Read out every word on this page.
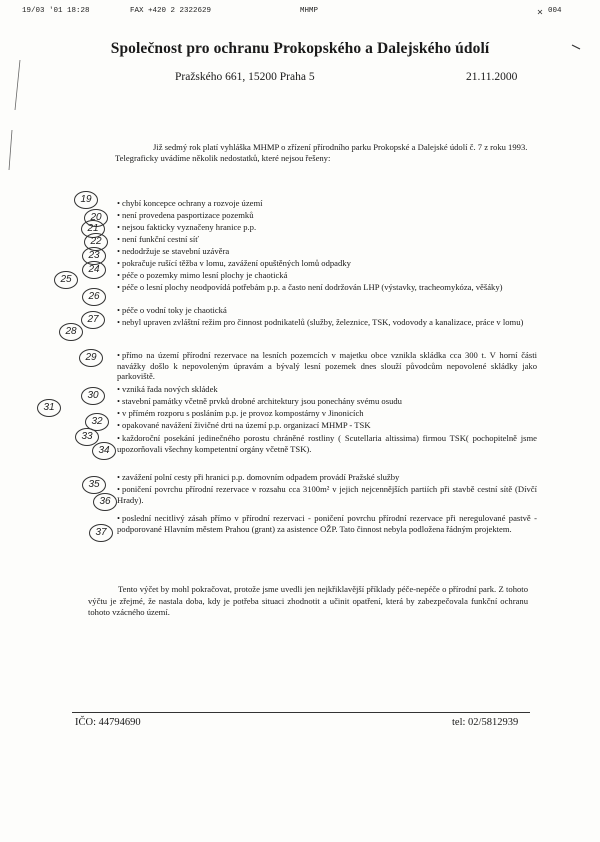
19/03 '01 18:28	FAX +420 2 2322629	MHMP	004
Společnost pro ochranu Prokopského a Dalejského údolí
Pražského 661, 15200 Praha 5	21.11.2000

Již sedmý rok platí vyhláška MHMP o zřízení přírodního parku Prokopské a Dalejské údolí č. 7 z roku 1993.

Telegraficky uvádíme několik nedostatků, které nejsou řešeny:

• chybí koncepce ochrany a rozvoje území
19
• není provedena pasportizace pozemků
20
• nejsou fakticky vyznačeny hranice p.p.
21
• není funkční cestní síť
22
• nedodržuje se stavební uzávěra
23
• pokračuje rušící těžba v lomu, zavážení opuštěných lomů odpadky
24	• péče o pozemky mimo lesní plochy je chaotická
25
• péče o lesní plochy neodpovídá potřebám p.p. a často není dodržován LHP (výstavky, tracheomykóza, věšáky)
26
• péče o vodní toky je chaotická
27	• nebyl upraven zvláštní režim pro činnost podnikatelů (služby, železnice, TSK, vodovody a kanalizace, práce v lomu)
28
• přímo na území přírodní rezervace na lesních pozemcích v majetku obce vznikla skládka cca 300 t. V horní části navážky došlo k nepovoleným úpravám a bývalý lesní pozemek dnes slouží původcům nepovolené skládky jako parkoviště.
29
• vzniká řada nových skládek
30	• stavební památky včetně prvků drobné architektury jsou ponechány svému osudu
31	• v přímém rozporu s posláním p.p. je provoz kompostárny v Jinonicích
32	• opakované navážení živičné drti na území p.p. organizací MHMP - TSK
33	• každoroční posekání jedinečného porostu chráněné rostliny ( Scutellaria altissima) firmou TSK( pochopitelně jsme upozorňovali všechny kompetentní orgány včetně TSK).
34
• zavážení polní cesty při hranici p.p. domovním odpadem provádí Pražské služby
35	• poničení povrchu přírodní rezervace v rozsahu cca 3100m² v jejich nejcennějších partiích při stavbě cestní sítě (Dívčí Hrady).
36
• poslední necitlivý zásah přímo v přírodní rezervaci - poničení povrchu přírodní rezervace při neregulované pastvě - podporované Hlavním městem Prahou (grant) za asistence OŽP. Tato činnost nebyla podložena řádným projektem.
37
Tento výčet by mohl pokračovat, protože jsme uvedli jen nejkřiklavější příklady péče-nepéče o přírodní park. Z tohoto výčtu je zřejmé, že nastala doba, kdy je potřeba situaci zhodnotit a učinit opatření, která by zabezpečovala funkční ochranu tohoto vzácného území.
IČO: 44794690	tel: 02/5812939
